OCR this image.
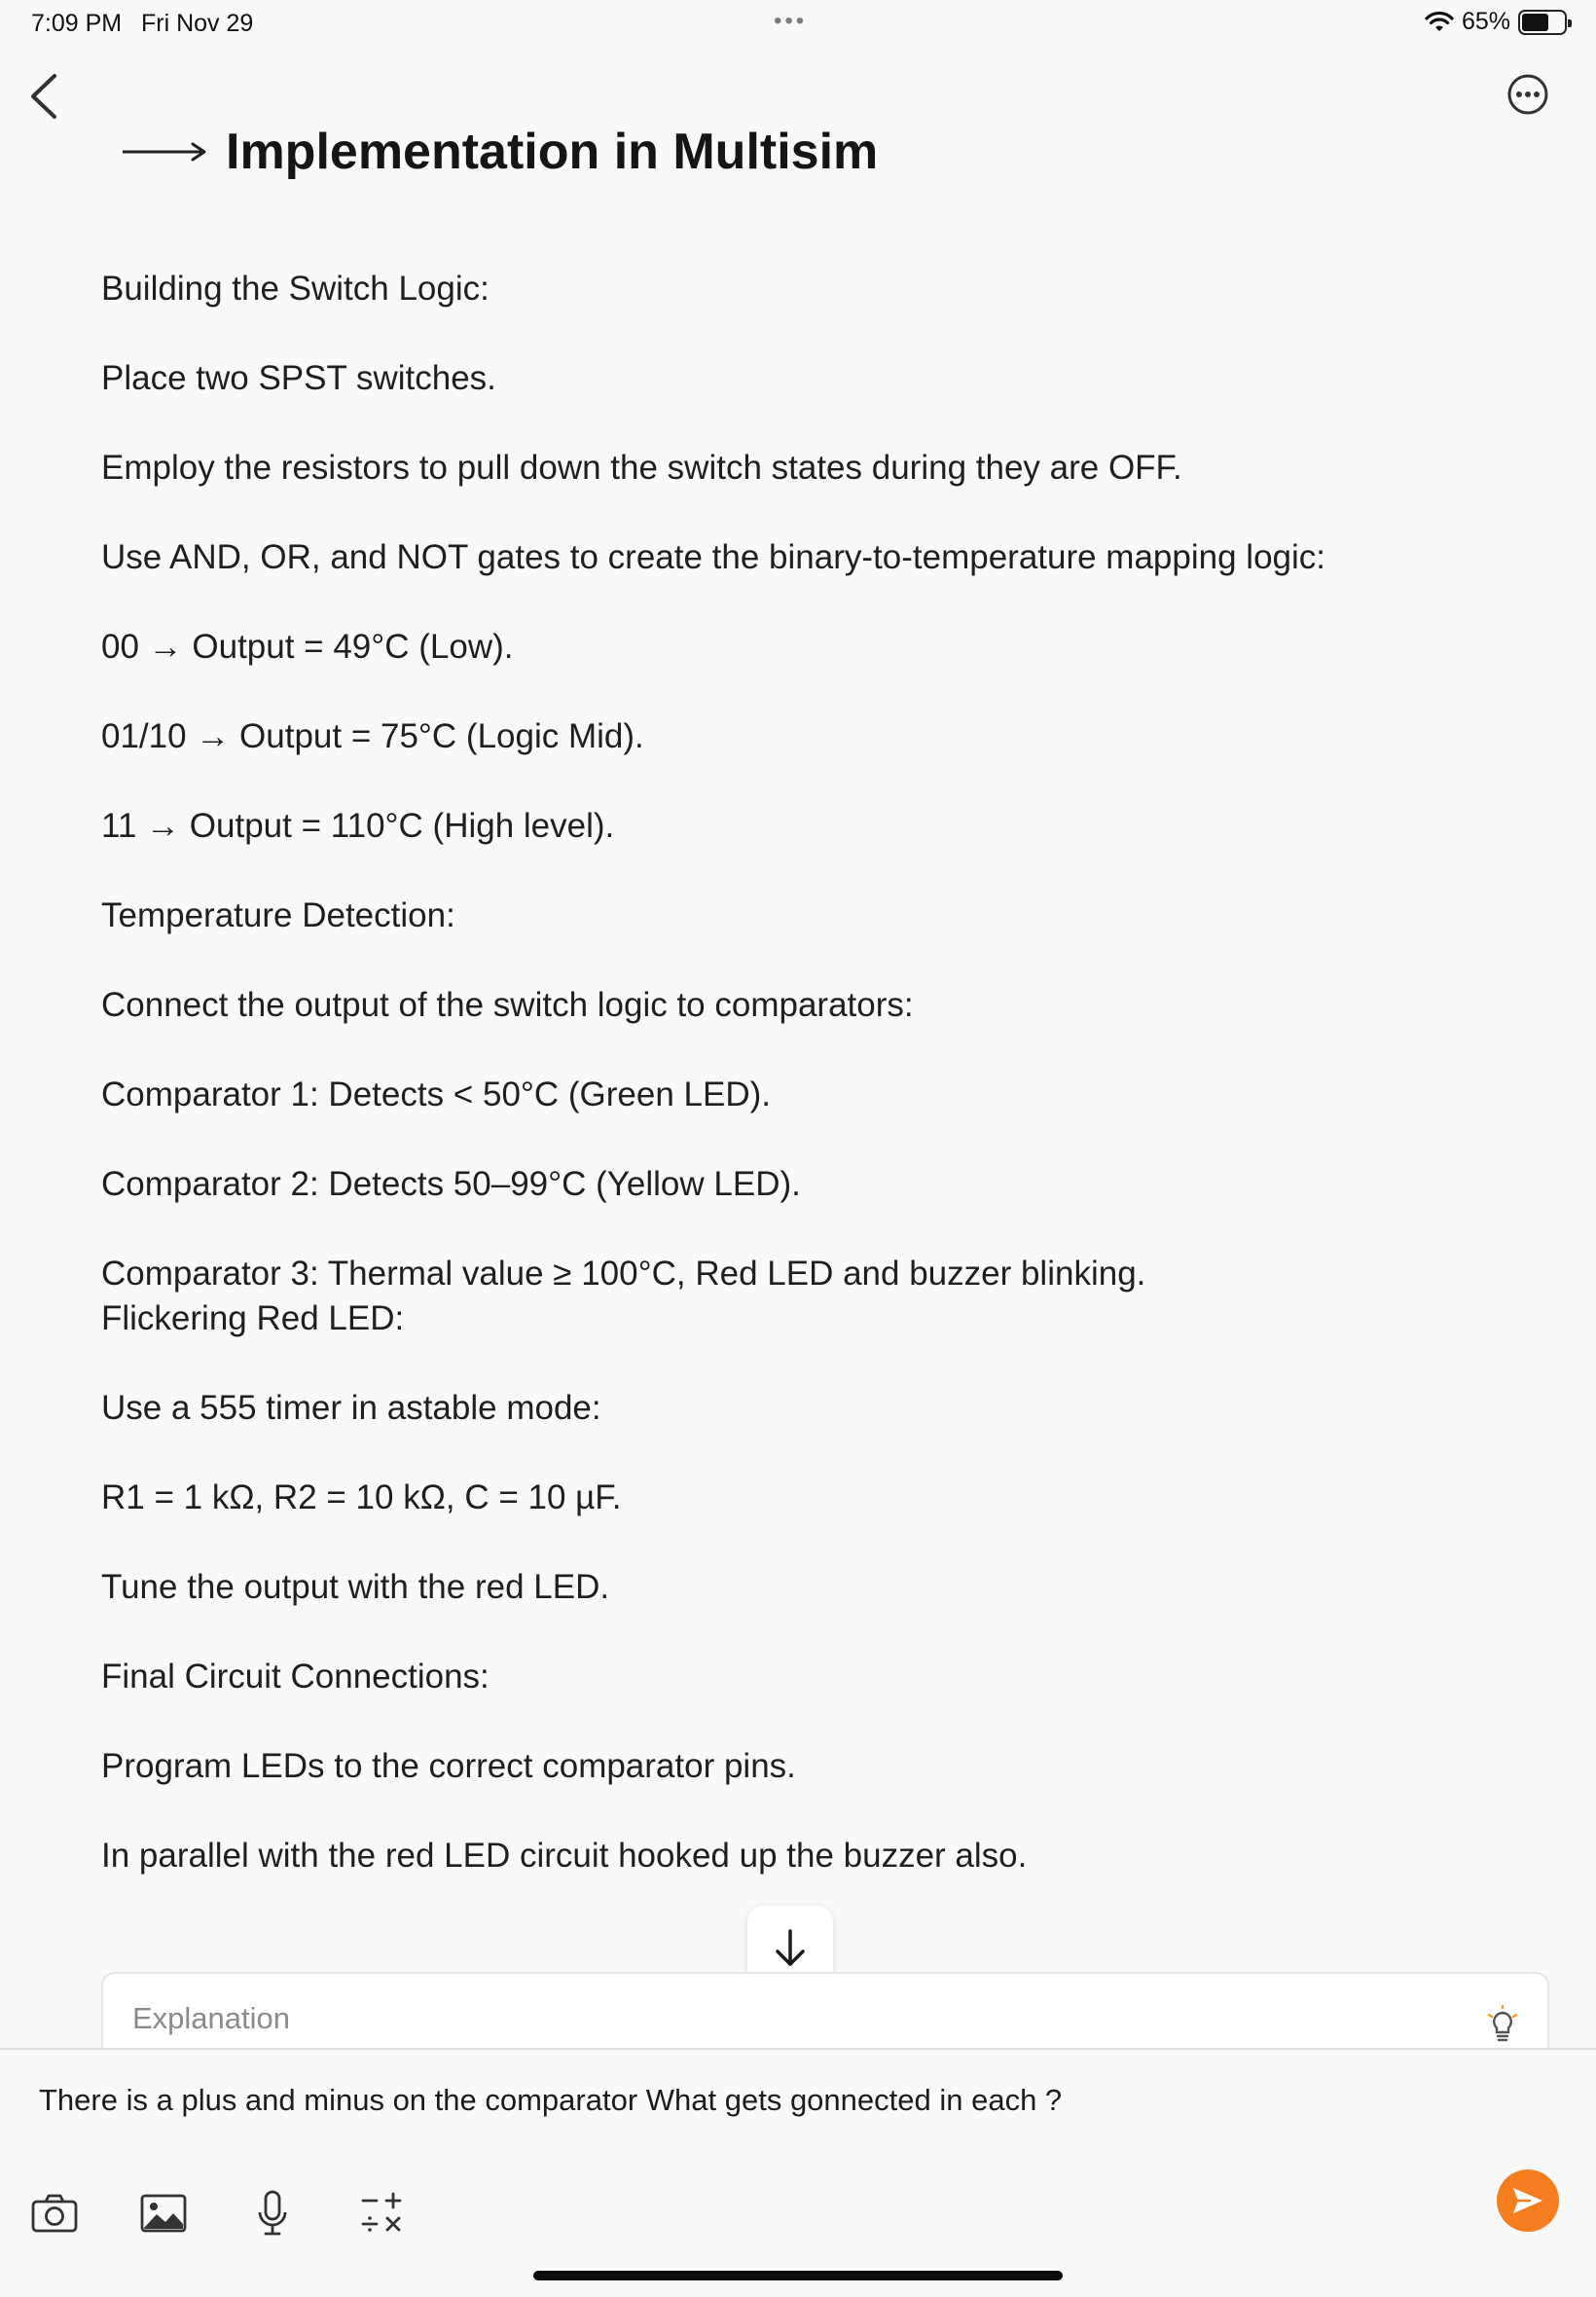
7:09 PM Fri Nov 29	•••	65%
Implementation in Multisim

Building the Switch Logic:

Place two SPST switches.

Employ the resistors to pull down the switch states during they are OFF.

Use AND, OR, and NOT gates to create the binary-to-temperature mapping logic:

00 → Output = 49°C (Low).

01/10 → Output = 75°C (Logic Mid).

11 → Output = 110°C (High level).

Temperature Detection:

Connect the output of the switch logic to comparators:

Comparator 1: Detects < 50°C (Green LED).

Comparator 2: Detects 50–99°C (Yellow LED).

Comparator 3: Thermal value ≥ 100°C, Red LED and buzzer blinking.

Flickering Red LED:

Use a 555 timer in astable mode:

R1 = 1 kΩ, R2 = 10 kΩ, C = 10 µF.

Tune the output with the red LED.

Final Circuit Connections:

Program LEDs to the correct comparator pins.

In parallel with the red LED circuit hooked up the buzzer also.

Explanation
There is a plus and minus on the comparator What gets gonnected in each ?
